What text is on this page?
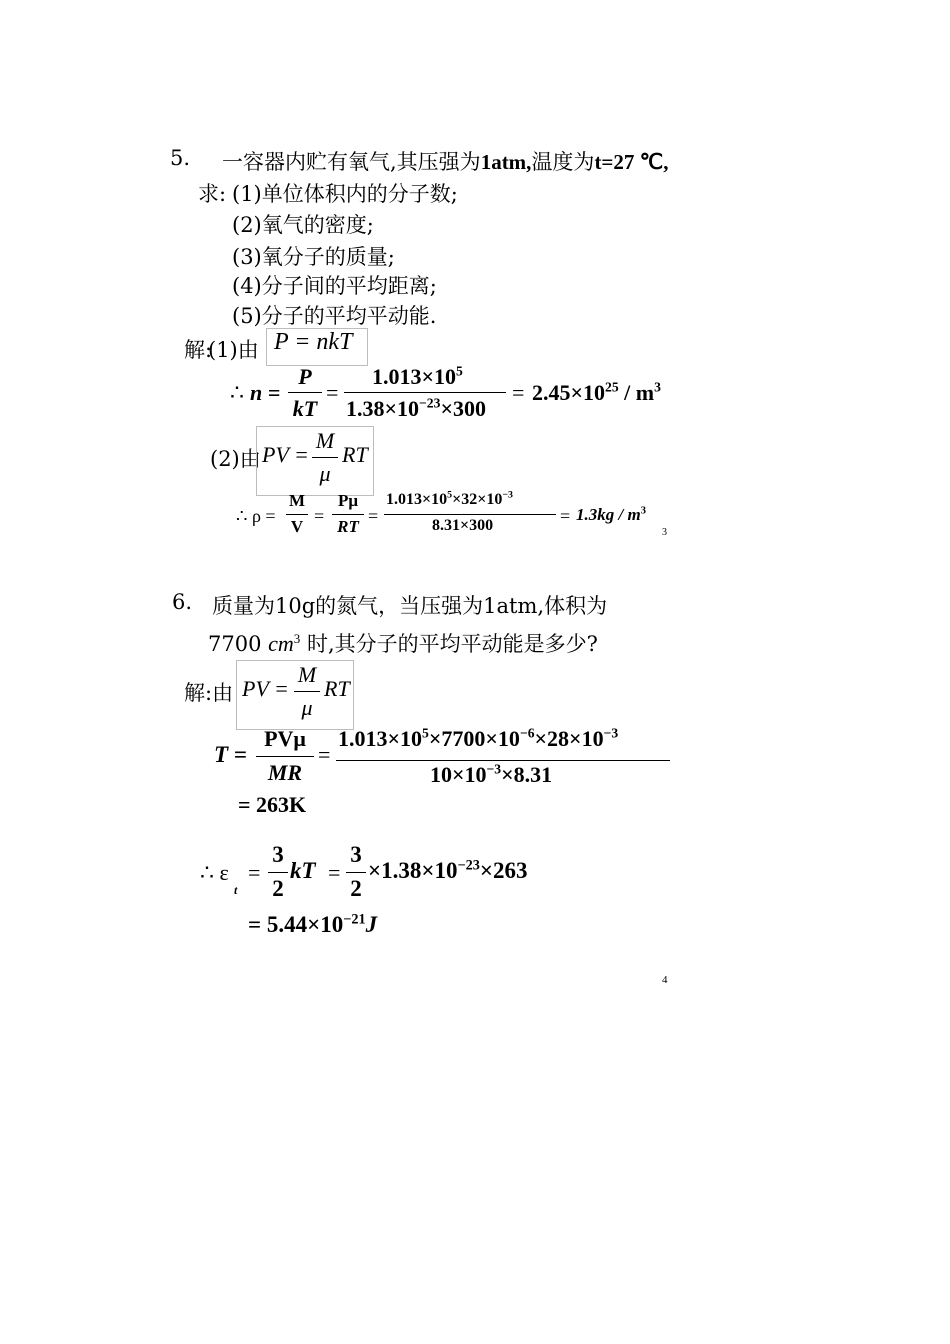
5. 一容器内贮有氧气,其压强为1atm,温度为t=27 ℃,
求: (1)单位体积内的分子数;
(2)氧气的密度;
(3)氧分子的质量;
(4)分子间的平均距离;
(5)分子的平均平动能.
解:
(1)由 P = nkT
∴ n =
P
kT
=
$1.013\times 10^5$
$1.38\times 10^{-23}\times 300$
= $2.45\times 10^{25} / m^3$
(2)由 PV =
M
μ
RT
∴ ρ =
M
V
=
Pμ
RT
=
$1.013\times 10^5\times 32\times 10^{-3}$
8.31×300	= $1.3kg / m^3$
3
6. 质量为10g的氮气，当压强为1atm,体积为
7700 $cm^3$ 时,其分子的平均平动能是多少?
解:由 PV =
M
μ
RT
T =
PVμ
MR
=
$1.013\times 10^5\times 7700\times 10^{-6}\times 28\times 10^{-3}$
$10\times 10^{-3}\times 8.31$
= 263K
∴ ε
t
=
3
2
kT =
3
2
$\times 1.38\times 10^{-23}\times 263$
= $5.44\times 10^{-21}J$
4
